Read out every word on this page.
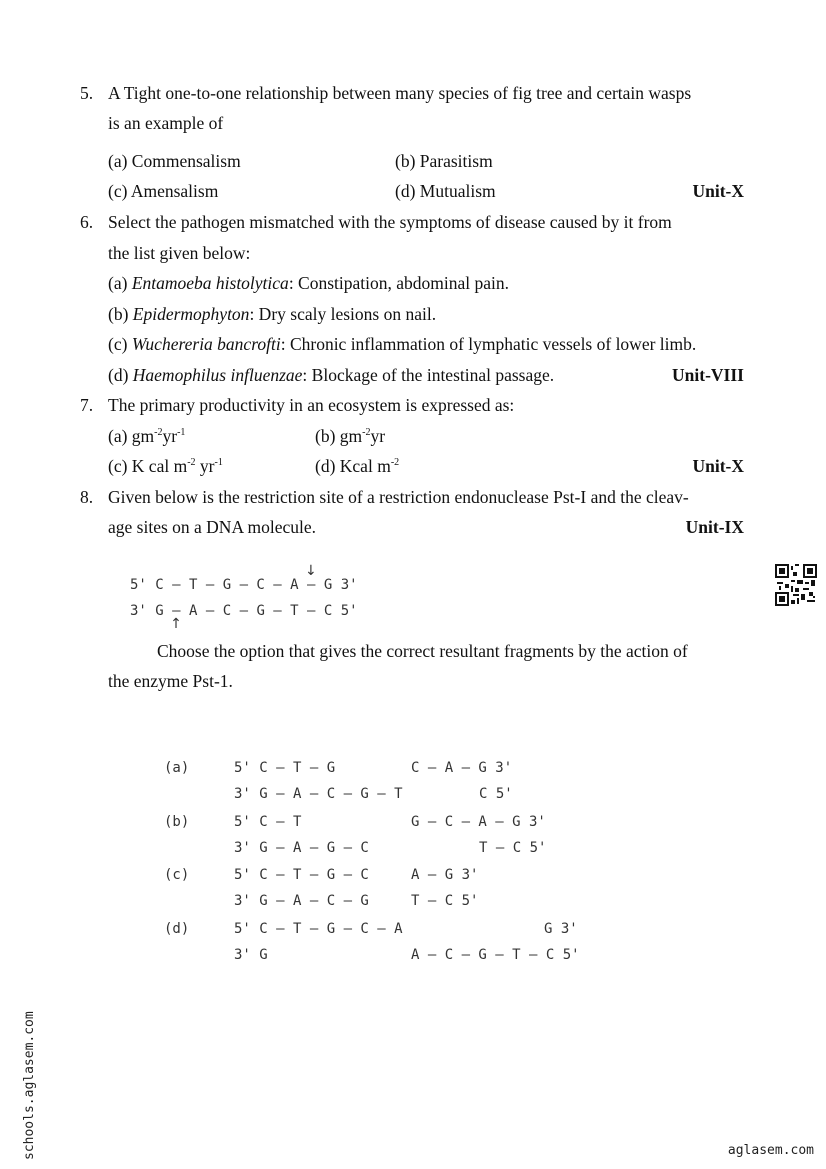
5. A Tight one-to-one relationship between many species of fig tree and certain wasps
is an example of
(a) Commensalism	(b) Parasitism
(c) Amensalism	(d) Mutualism	Unit-X
6. Select the pathogen mismatched with the symptoms of disease caused by it from
the list given below:
(a) Entamoeba histolytica: Constipation, abdominal pain.
(b) Epidermophyton: Dry scaly lesions on nail.
(c) Wuchereria bancrofti: Chronic inflammation of lymphatic vessels of lower limb.
(d) Haemophilus influenzae: Blockage of the intestinal passage.	Unit-VIII
7. The primary productivity in an ecosystem is expressed as:
(a) $gm^{-2}yr^{-1}$	(b) $gm^{-2}yr$
(c) K cal $m^{-2}$ $yr^{-1}$	(d) Kcal $m^{-2}$	Unit-X
8. Given below is the restriction site of a restriction endonuclease Pst-I and the cleav-
age sites on a DNA molecule.	Unit-IX
5' C – T – G – C – A –
↓
G 3'
3' G –
↑
A – C – G – T – C 5'
Choose the option that gives the correct resultant fragments by the action of
the enzyme Pst-1.
(a)	5' C – T – G
3' G – A – C – G – T
C – A – G 3'
C 5'
(b)	5' C – T
3' G – A – G – C
G – C – A – G 3'
T – C 5'
(c)	5' C – T – G – C
3' G – A – C – G
A – G 3'
T – C 5'
(d)	5' C – T – G – C – A
3' G
G 3'
A – C – G – T – C 5'
schools.aglasem.com	aglasem.com
